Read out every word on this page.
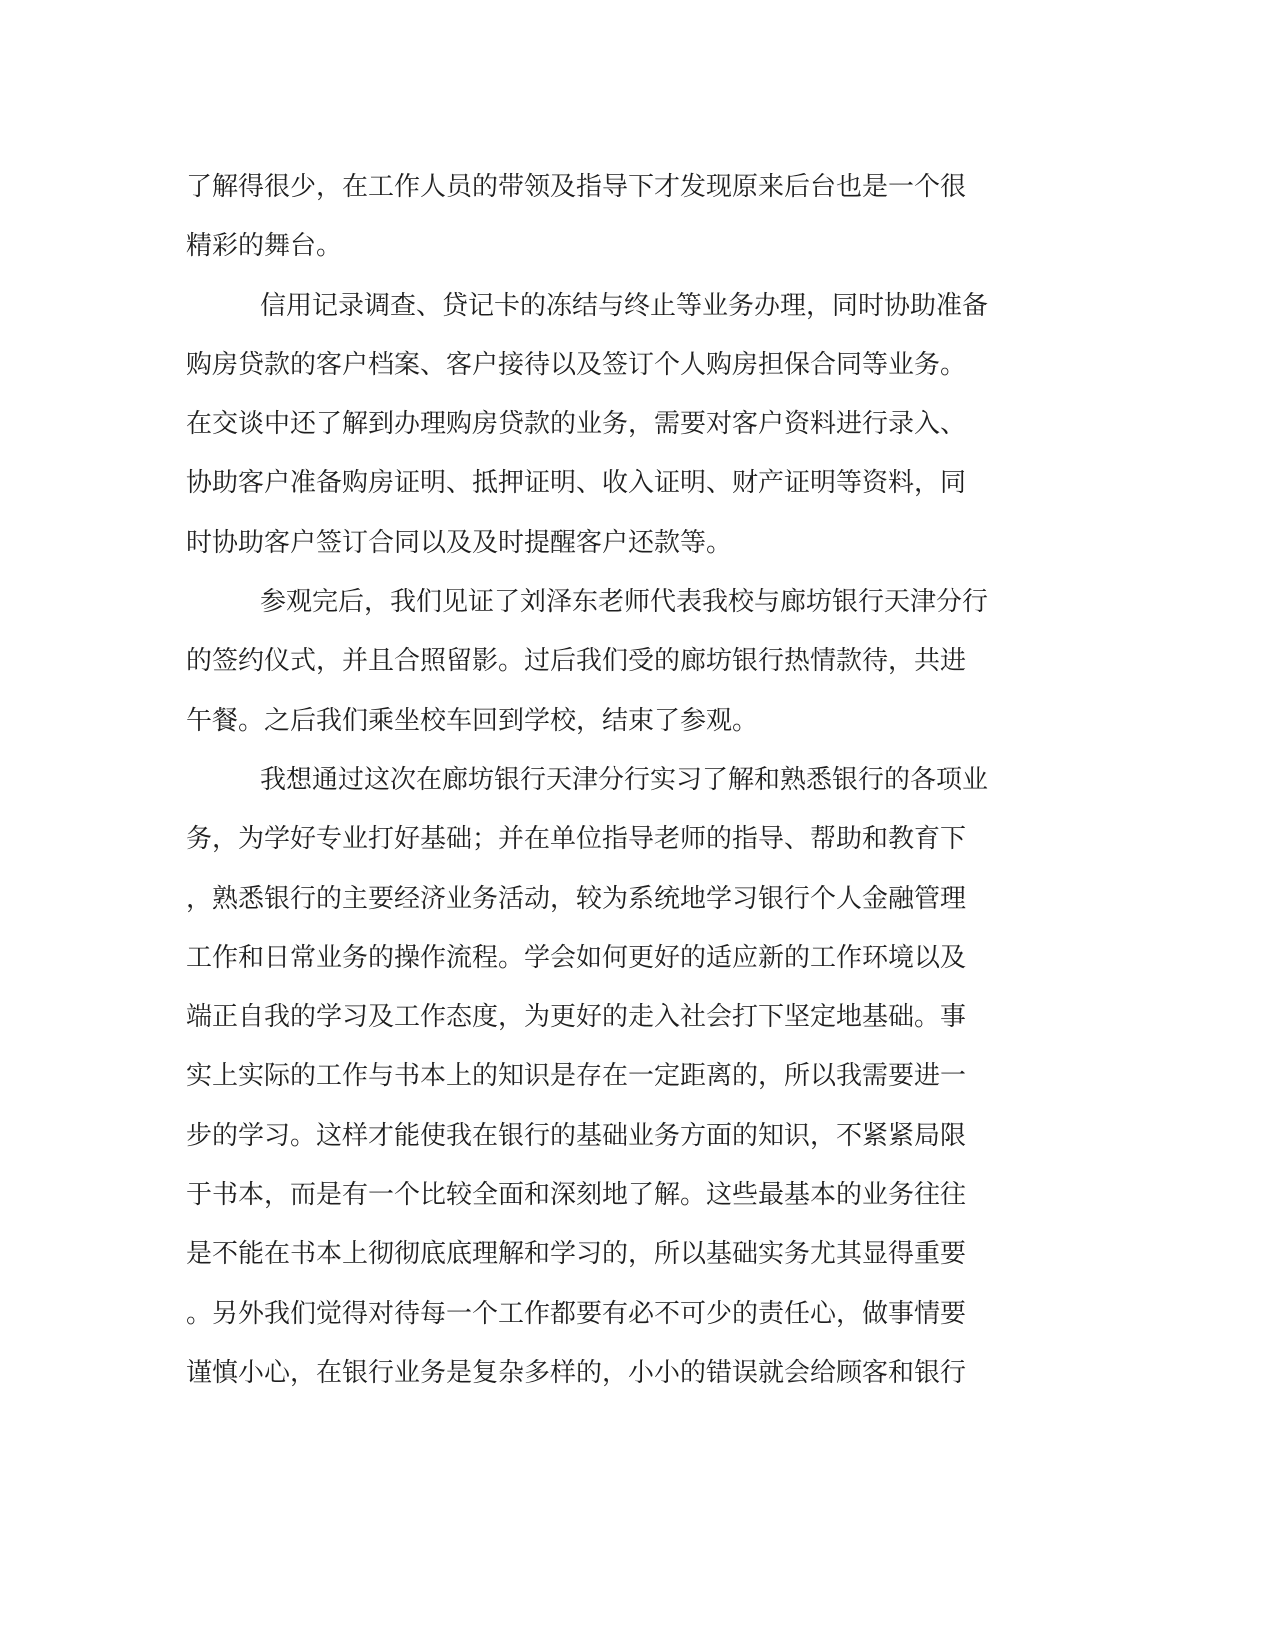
了解得很少，在工作人员的带领及指导下才发现原来后台也是一个很
精彩的舞台。
信用记录调查、贷记卡的冻结与终止等业务办理，同时协助准备
购房贷款的客户档案、客户接待以及签订个人购房担保合同等业务。
在交谈中还了解到办理购房贷款的业务，需要对客户资料进行录入、
协助客户准备购房证明、抵押证明、收入证明、财产证明等资料，同
时协助客户签订合同以及及时提醒客户还款等。
参观完后，我们见证了刘泽东老师代表我校与廊坊银行天津分行
的签约仪式，并且合照留影。过后我们受的廊坊银行热情款待，共进
午餐。之后我们乘坐校车回到学校，结束了参观。
我想通过这次在廊坊银行天津分行实习了解和熟悉银行的各项业
务，为学好专业打好基础；并在单位指导老师的指导、帮助和教育下
，熟悉银行的主要经济业务活动，较为系统地学习银行个人金融管理
工作和日常业务的操作流程。学会如何更好的适应新的工作环境以及
端正自我的学习及工作态度，为更好的走入社会打下坚定地基础。事
实上实际的工作与书本上的知识是存在一定距离的，所以我需要进一
步的学习。这样才能使我在银行的基础业务方面的知识，不紧紧局限
于书本，而是有一个比较全面和深刻地了解。这些最基本的业务往往
是不能在书本上彻彻底底理解和学习的，所以基础实务尤其显得重要
。另外我们觉得对待每一个工作都要有必不可少的责任心，做事情要
谨慎小心，在银行业务是复杂多样的，小小的错误就会给顾客和银行
